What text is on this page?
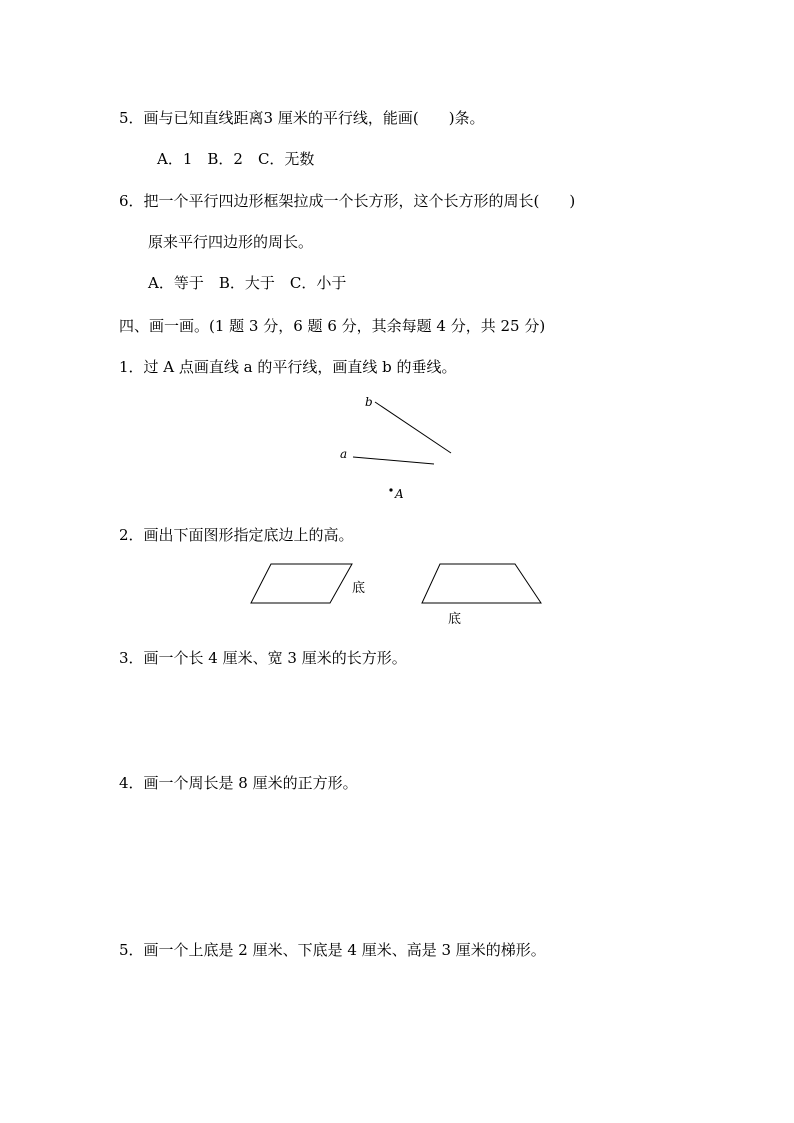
5．画与已知直线距离3 厘米的平行线，能画(　　)条。
A．1　B．2　C．无数
6．把一个平行四边形框架拉成一个长方形，这个长方形的周长(　　)
原来平行四边形的周长。
A．等于　B．大于　C．小于
四、画一画。(1 题 3 分，6 题 6 分，其余每题 4 分，共 25 分)
1．过 A 点画直线 a 的平行线，画直线 b 的垂线。
b
a
A
2．画出下面图形指定底边上的高。
底
底
3．画一个长 4 厘米、宽 3 厘米的长方形。
4．画一个周长是 8 厘米的正方形。
5．画一个上底是 2 厘米、下底是 4 厘米、高是 3 厘米的梯形。
